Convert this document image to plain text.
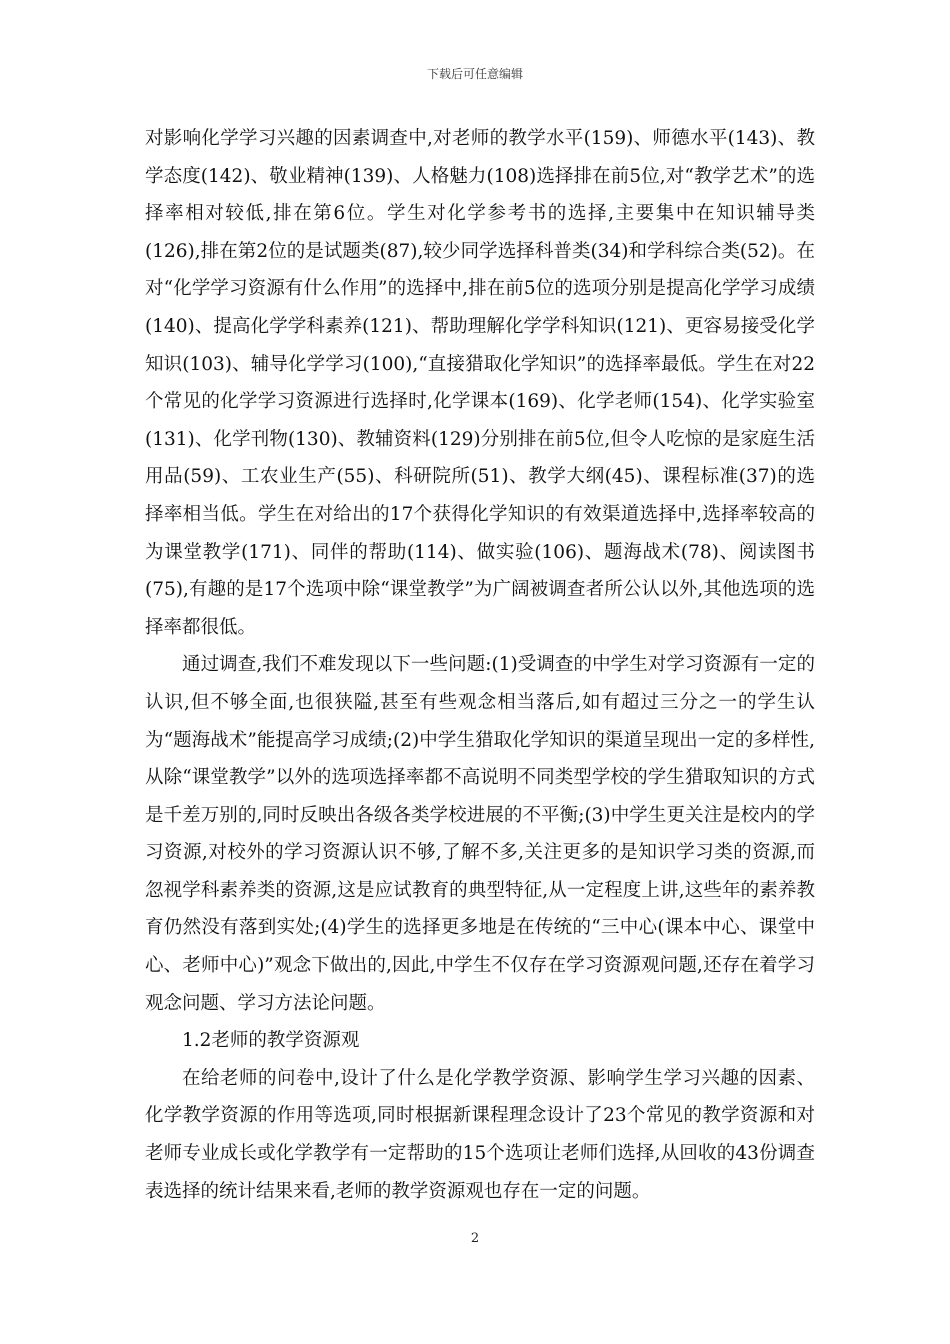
下载后可任意编辑

对影响化学学习兴趣的因素调查中,对老师的教学水平(159)、师德水平(143)、教学态度(142)、敬业精神(139)、人格魅力(108)选择排在前5位,对“教学艺术”的选择率相对较低,排在第6位。学生对化学参考书的选择,主要集中在知识辅导类(126),排在第2位的是试题类(87),较少同学选择科普类(34)和学科综合类(52)。在对“化学学习资源有什么作用”的选择中,排在前5位的选项分别是提高化学学习成绩(140)、提高化学学科素养(121)、帮助理解化学学科知识(121)、更容易接受化学知识(103)、辅导化学学习(100),“直接猎取化学知识”的选择率最低。学生在对22个常见的化学学习资源进行选择时,化学课本(169)、化学老师(154)、化学实验室(131)、化学刊物(130)、教辅资料(129)分别排在前5位,但令人吃惊的是家庭生活用品(59)、工农业生产(55)、科研院所(51)、教学大纲(45)、课程标准(37)的选择率相当低。学生在对给出的17个获得化学知识的有效渠道选择中,选择率较高的为课堂教学(171)、同伴的帮助(114)、做实验(106)、题海战术(78)、阅读图书(75),有趣的是17个选项中除“课堂教学”为广阔被调查者所公认以外,其他选项的选择率都很低。

通过调查,我们不难发现以下一些问题:(1)受调查的中学生对学习资源有一定的认识,但不够全面,也很狭隘,甚至有些观念相当落后,如有超过三分之一的学生认为“题海战术”能提高学习成绩;(2)中学生猎取化学知识的渠道呈现出一定的多样性,从除“课堂教学”以外的选项选择率都不高说明不同类型学校的学生猎取知识的方式是千差万别的,同时反映出各级各类学校进展的不平衡;(3)中学生更关注是校内的学习资源,对校外的学习资源认识不够,了解不多,关注更多的是知识学习类的资源,而忽视学科素养类的资源,这是应试教育的典型特征,从一定程度上讲,这些年的素养教育仍然没有落到实处;(4)学生的选择更多地是在传统的“三中心(课本中心、课堂中心、老师中心)”观念下做出的,因此,中学生不仅存在学习资源观问题,还存在着学习观念问题、学习方法论问题。

1.2老师的教学资源观

在给老师的问卷中,设计了什么是化学教学资源、影响学生学习兴趣的因素、化学教学资源的作用等选项,同时根据新课程理念设计了23个常见的教学资源和对老师专业成长或化学教学有一定帮助的15个选项让老师们选择,从回收的43份调查表选择的统计结果来看,老师的教学资源观也存在一定的问题。

2
